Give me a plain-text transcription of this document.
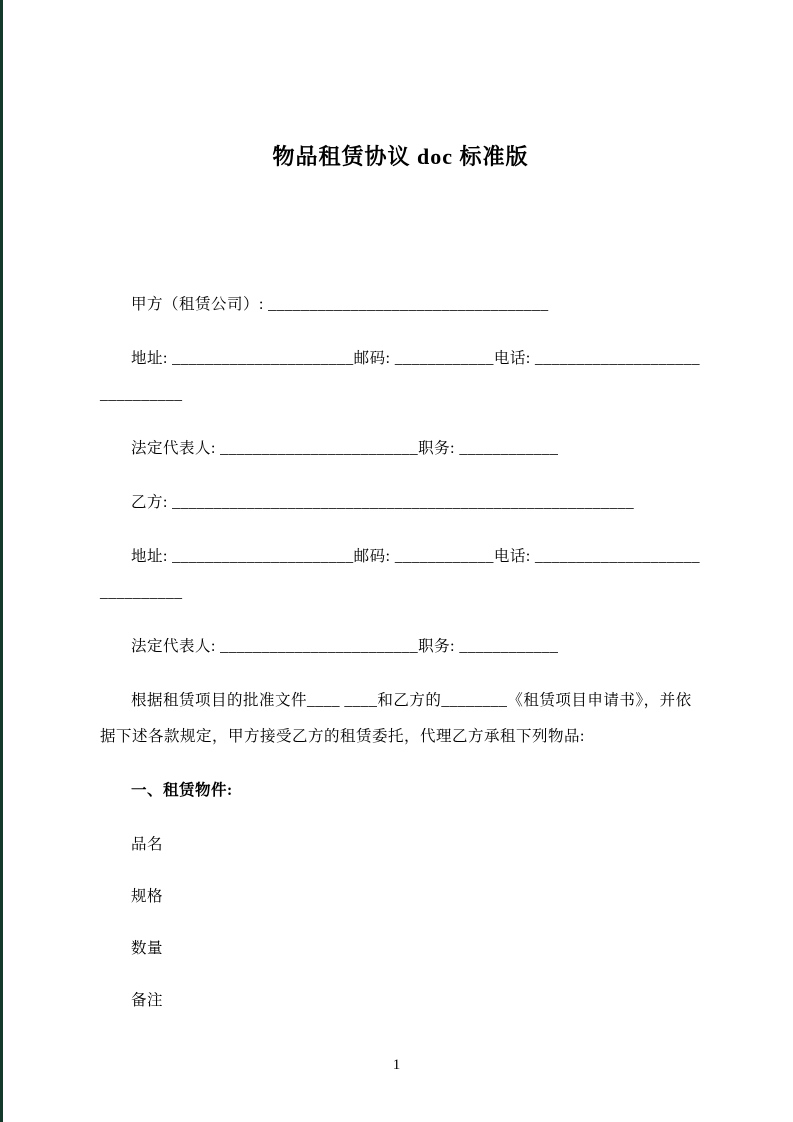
物品租赁协议 doc 标准版

甲方（租赁公司）: __________________________________

地址: ______________________邮码: ____________电话: ______________________________

法定代表人: ________________________职务: ____________

乙方: ________________________________________________________

地址: ______________________邮码: ____________电话: ______________________________

法定代表人: ________________________职务: ____________

根据租赁项目的批准文件____ ____和乙方的________《租赁项目申请书》，并依据下述各款规定，甲方接受乙方的租赁委托，代理乙方承租下列物品:

一、租赁物件:

品名

规格

数量

备注

1
